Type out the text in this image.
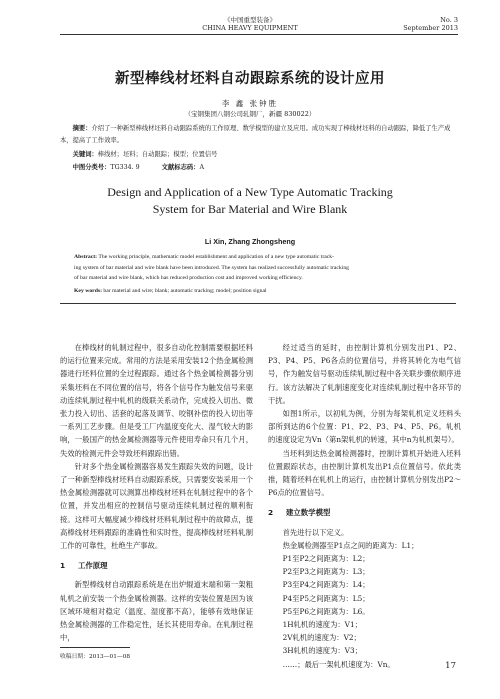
《中国重型装备》
CHINA HEAVY EQUIPMENT
No. 3
September 2013
新型棒线材坯料自动跟踪系统的设计应用
李 鑫 张钟胜
（宝钢集团八钢公司轧钢厂，新疆 830022）
摘要：介绍了一种新型棒线材坯料自动跟踪系统的工作原理、数学模型的建立及应用。成功实现了棒线材坯料的自动跟踪，降低了生产成本，提高了工作效率。
关键词：棒线材；坯料；自动跟踪；模型；位置信号
中图分类号：TG334. 9	文献标志码：A
Design and Application of a New Type Automatic Tracking
System for Bar Material and Wire Blank
Li Xin, Zhang Zhongsheng
Abstract: The working principle, mathematic model establishment and application of a new type automatic track-
ing system of bar material and wire blank have been introduced. The system has realized successfully automatic tracking
of bar material and wire blank, which has reduced production cost and improved working efficiency.
Key words: bar material and wire; blank; automatic tracking; model; position signal

在棒线材的轧制过程中，很多自动化控制需要根据坯料的运行位置来完成。常用的方法是采用安装12个热金属检测器进行坯料位置的全过程跟踪。通过各个热金属检测器分别采集坯料在不同位置的信号，将各个信号作为触发信号来驱动连续轧制过程中轧机的级联关系动作，完成投入切出、微张力投入切出、活套的起落及调节、咬钢补偿的投入切出等一系列工艺步骤。但是受工厂内温度变化大、湿气较大的影响，一般国产的热金属检测器等元件使用寿命只有几个月，失效的检测元件会导致坯料跟踪出错。

针对多个热金属检测器容易发生跟踪失效的问题，设计了一种新型棒线材坯料自动跟踪系统，只需要安装采用一个热金属检测器就可以测算出棒线材坯料在轧制过程中的各个位置，并发出相应的控制信号驱动连续轧制过程的顺利衔接。这样可大幅度减少棒线材坯料轧制过程中的故障点，提高棒线材坯料跟踪的准确性和实时性，提高棒线材坯料轧制工作的可靠性，杜绝生产事故。

1 工作原理

新型棒线材自动跟踪系统是在出炉辊道末端和第一架粗轧机之前安装一个热金属检测器。这样的安装位置是因为该区域环境相对稳定（温度、湿度都不高），能够有效地保证热金属检测器的工作稳定性，延长其使用寿命。在轧制过程中，

收稿日期：2013—01—08

经过适当的延时，由控制计算机分别发出P1、P2、P3、P4、P5、P6各点的位置信号，并将其转化为电气信号，作为触发信号驱动连续轧制过程中各关联步骤依顺序进行。该方法解决了轧制速度变化对连续轧制过程中各环节的干扰。

如图1所示，以初轧为例，分别为每架轧机定义坯料头部所到达的6个位置：P1、P2、P3、P4、P5、P6。轧机的速度设定为Vn（第n架轧机的转速，其中n为轧机架号）。

当坯料到达热金属检测器时，控制计算机开始进入坯料位置跟踪状态，由控制计算机发出P1点位置信号。依此类推，随着坯料在轧机上的运行，由控制计算机分别发出P2～P6点的位置信号。

2 建立数学模型

首先进行以下定义。

热金属检测器至P1点之间的距离为：L1；
P1至P2之间距离为：L2；
P2至P3之间距离为：L3；
P3至P4之间距离为：L4；
P4至P5之间距离为：L5；
P5至P6之间距离为：L6。
1H轧机的速度为：V1；
2V轧机的速度为：V2；
3H轧机的速度为：V3；
……；最后一架轧机速度为：Vn。	17
